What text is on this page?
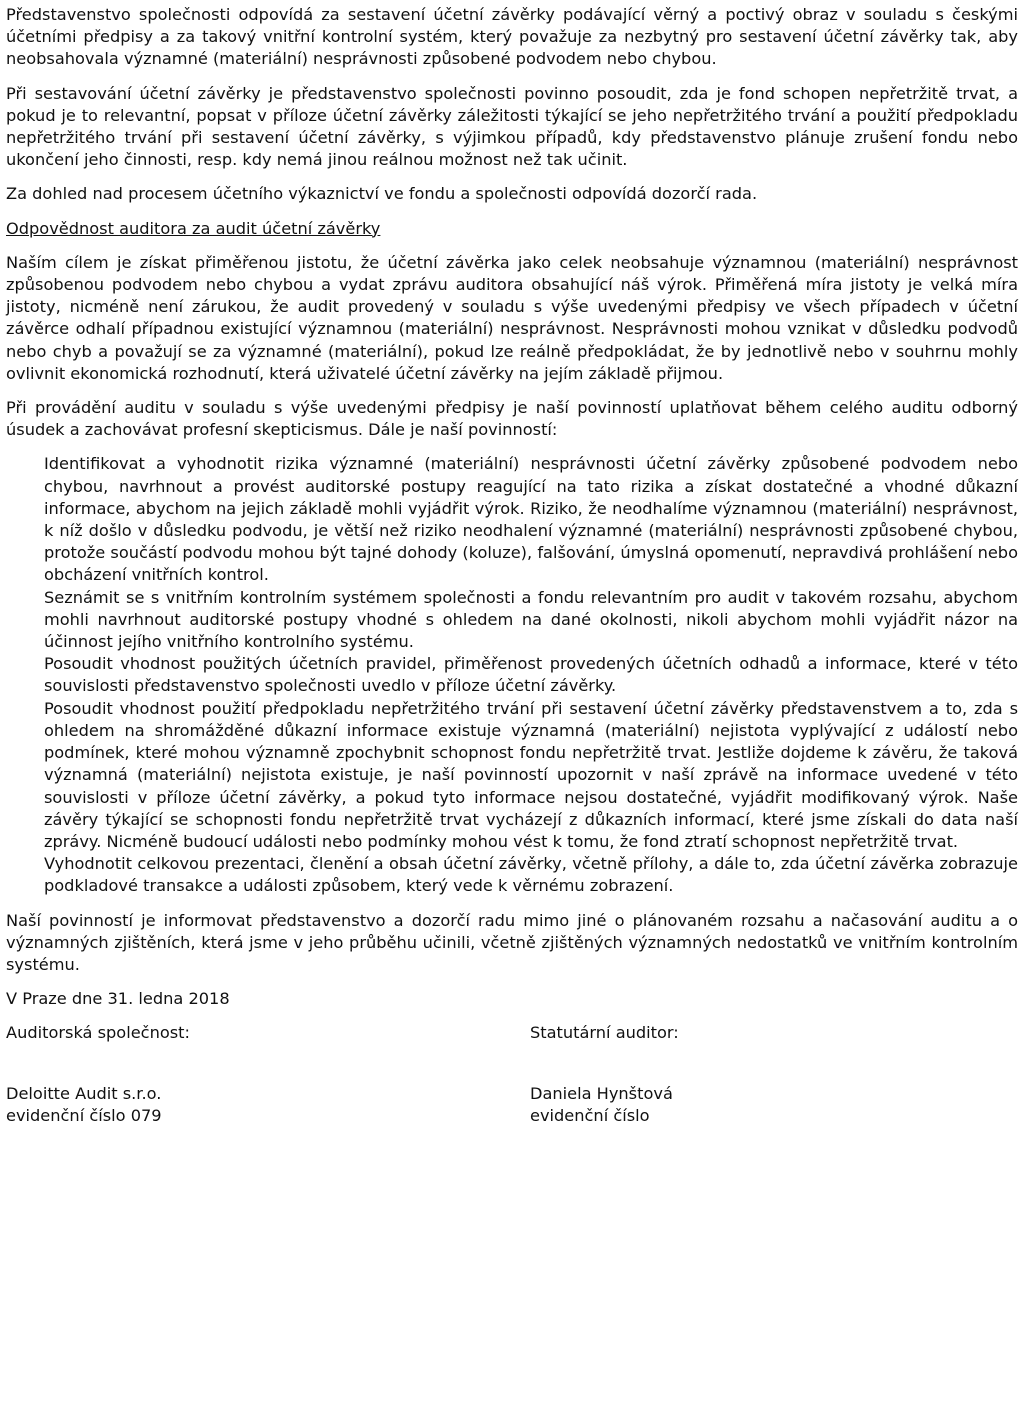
Představenstvo společnosti odpovídá za sestavení účetní závěrky podávající věrný a poctivý obraz v souladu s českými účetními předpisy a za takový vnitřní kontrolní systém, který považuje za nezbytný pro sestavení účetní závěrky tak, aby neobsahovala významné (materiální) nesprávnosti způsobené podvodem nebo chybou.

Při sestavování účetní závěrky je představenstvo společnosti povinno posoudit, zda je fond schopen nepřetržitě trvat, a pokud je to relevantní, popsat v příloze účetní závěrky záležitosti týkající se jeho nepřetržitého trvání a použití předpokladu nepřetržitého trvání při sestavení účetní závěrky, s výjimkou případů, kdy představenstvo plánuje zrušení fondu nebo ukončení jeho činnosti, resp. kdy nemá jinou reálnou možnost než tak učinit.

Za dohled nad procesem účetního výkaznictví ve fondu a společnosti odpovídá dozorčí rada.

Odpovědnost auditora za audit účetní závěrky

Naším cílem je získat přiměřenou jistotu, že účetní závěrka jako celek neobsahuje významnou (materiální) nesprávnost způsobenou podvodem nebo chybou a vydat zprávu auditora obsahující náš výrok. Přiměřená míra jistoty je velká míra jistoty, nicméně není zárukou, že audit provedený v souladu s výše uvedenými předpisy ve všech případech v účetní závěrce odhalí případnou existující významnou (materiální) nesprávnost. Nesprávnosti mohou vznikat v důsledku podvodů nebo chyb a považují se za významné (materiální), pokud lze reálně předpokládat, že by jednotlivě nebo v souhrnu mohly ovlivnit ekonomická rozhodnutí, která uživatelé účetní závěrky na jejím základě přijmou.

Při provádění auditu v souladu s výše uvedenými předpisy je naší povinností uplatňovat během celého auditu odborný úsudek a zachovávat profesní skepticismus. Dále je naší povinností:

Identifikovat a vyhodnotit rizika významné (materiální) nesprávnosti účetní závěrky způsobené podvodem nebo chybou, navrhnout a provést auditorské postupy reagující na tato rizika a získat dostatečné a vhodné důkazní informace, abychom na jejich základě mohli vyjádřit výrok. Riziko, že neodhalíme významnou (materiální) nesprávnost, k níž došlo v důsledku podvodu, je větší než riziko neodhalení významné (materiální) nesprávnosti způsobené chybou, protože součástí podvodu mohou být tajné dohody (koluze), falšování, úmyslná opomenutí, nepravdivá prohlášení nebo obcházení vnitřních kontrol.
Seznámit se s vnitřním kontrolním systémem společnosti a fondu relevantním pro audit v takovém rozsahu, abychom mohli navrhnout auditorské postupy vhodné s ohledem na dané okolnosti, nikoli abychom mohli vyjádřit názor na účinnost jejího vnitřního kontrolního systému.
Posoudit vhodnost použitých účetních pravidel, přiměřenost provedených účetních odhadů a informace, které v této souvislosti představenstvo společnosti uvedlo v příloze účetní závěrky.
Posoudit vhodnost použití předpokladu nepřetržitého trvání při sestavení účetní závěrky představenstvem a to, zda s ohledem na shromážděné důkazní informace existuje významná (materiální) nejistota vyplývající z událostí nebo podmínek, které mohou významně zpochybnit schopnost fondu nepřetržitě trvat. Jestliže dojdeme k závěru, že taková významná (materiální) nejistota existuje, je naší povinností upozornit v naší zprávě na informace uvedené v této souvislosti v příloze účetní závěrky, a pokud tyto informace nejsou dostatečné, vyjádřit modifikovaný výrok. Naše závěry týkající se schopnosti fondu nepřetržitě trvat vycházejí z důkazních informací, které jsme získali do data naší zprávy. Nicméně budoucí události nebo podmínky mohou vést k tomu, že fond ztratí schopnost nepřetržitě trvat.
Vyhodnotit celkovou prezentaci, členění a obsah účetní závěrky, včetně přílohy, a dále to, zda účetní závěrka zobrazuje podkladové transakce a události způsobem, který vede k věrnému zobrazení.

Naší povinností je informovat představenstvo a dozorčí radu mimo jiné o plánovaném rozsahu a načasování auditu a o významných zjištěních, která jsme v jeho průběhu učinili, včetně zjištěných významných nedostatků ve vnitřním kontrolním systému.

V Praze dne 31. ledna 2018

Auditorská společnost:	Statutární auditor:
Deloitte Audit s.r.o.
evidenční číslo 079
Daniela Hynštová
evidenční číslo
